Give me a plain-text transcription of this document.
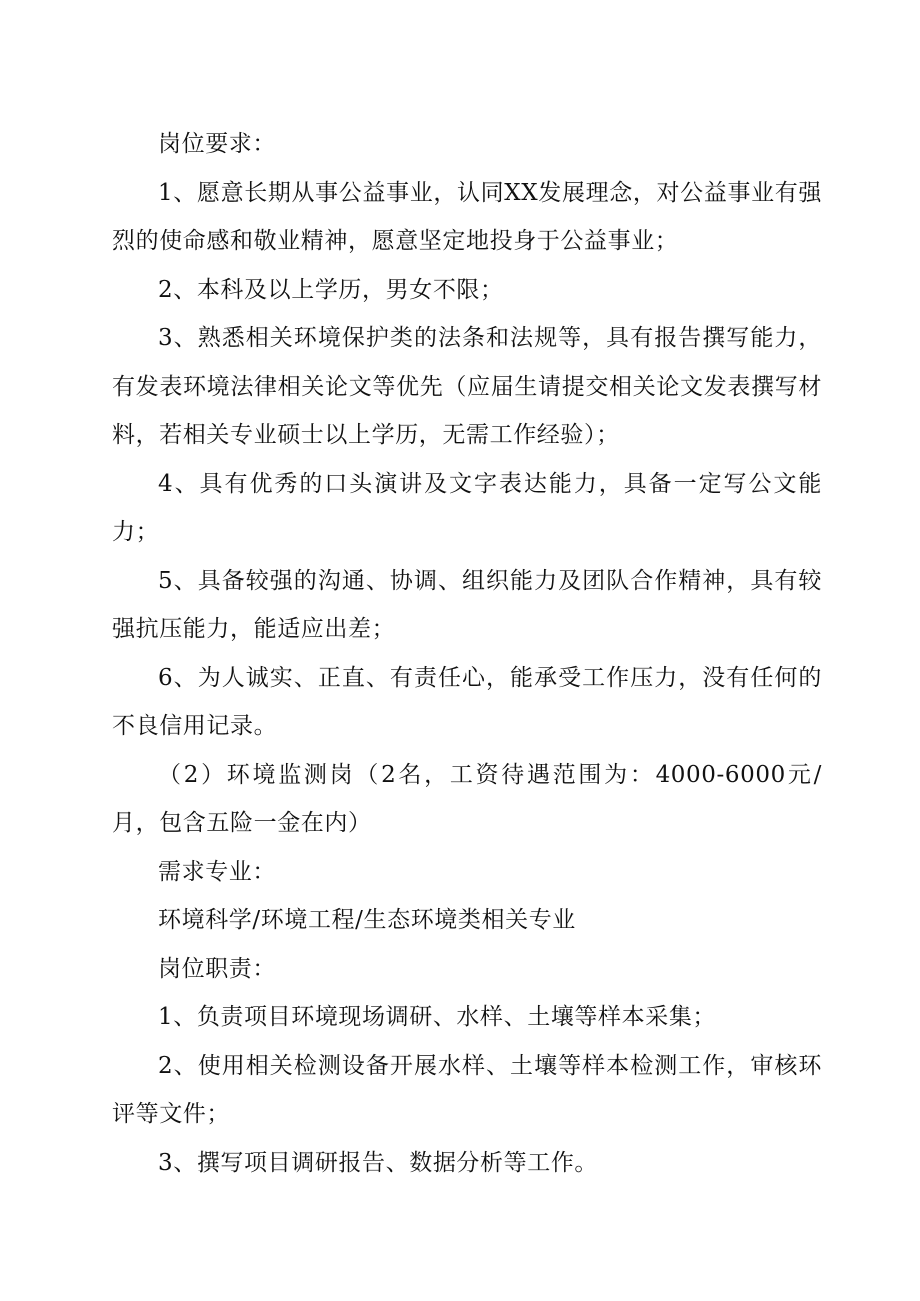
岗位要求：

1、愿意长期从事公益事业，认同XX发展理念，对公益事业有强烈的使命感和敬业精神，愿意坚定地投身于公益事业；

2、本科及以上学历，男女不限；

3、熟悉相关环境保护类的法条和法规等，具有报告撰写能力，有发表环境法律相关论文等优先（应届生请提交相关论文发表撰写材料，若相关专业硕士以上学历，无需工作经验）；

4、具有优秀的口头演讲及文字表达能力，具备一定写公文能力；

5、具备较强的沟通、协调、组织能力及团队合作精神，具有较强抗压能力，能适应出差；

6、为人诚实、正直、有责任心，能承受工作压力，没有任何的不良信用记录。

（2）环境监测岗（2名，工资待遇范围为：4000-6000元/月，包含五险一金在内）

需求专业：

环境科学/环境工程/生态环境类相关专业

岗位职责：

1、负责项目环境现场调研、水样、土壤等样本采集；

2、使用相关检测设备开展水样、土壤等样本检测工作，审核环评等文件；

3、撰写项目调研报告、数据分析等工作。
